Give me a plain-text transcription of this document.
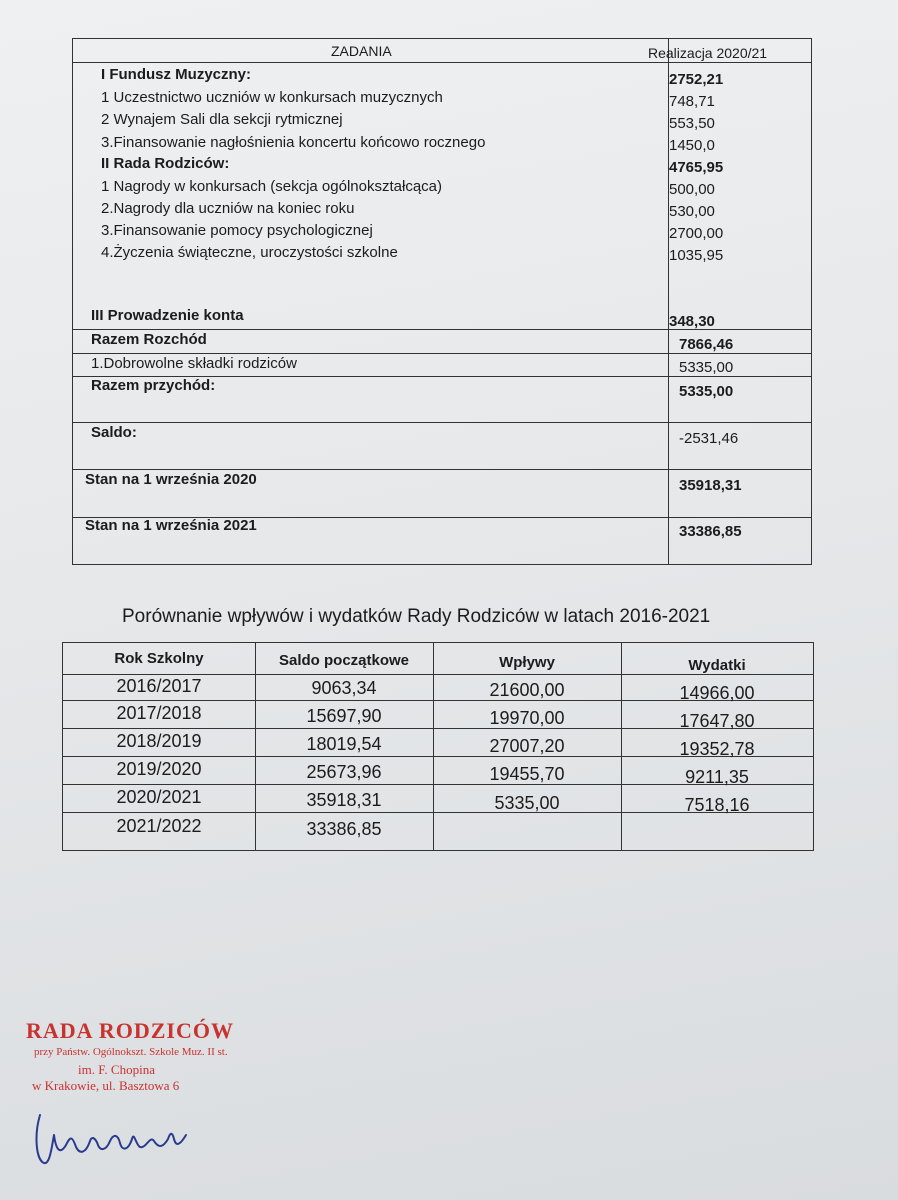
ZADANIA	Realizacja 2020/21
I Fundusz Muzyczny:	2752,21
1 Uczestnictwo uczniów w konkursach muzycznych	748,71
2 Wynajem Sali dla sekcji rytmicznej	553,50
3.Finansowanie nagłośnienia koncertu końcowo rocznego	1450,0
II Rada Rodziców:	4765,95
1 Nagrody w konkursach (sekcja ogólnokształcąca)	500,00
2.Nagrody dla uczniów na koniec roku	530,00
3.Finansowanie pomocy psychologicznej	2700,00
4.Życzenia świąteczne, uroczystości szkolne	1035,95
III Prowadzenie konta	348,30
Razem Rozchód	7866,46
1.Dobrowolne składki rodziców	5335,00
Razem przychód:	5335,00
Saldo:	-2531,46
Stan na 1 września 2020	35918,31
Stan na 1 września 2021	33386,85
Porównanie wpływów i wydatków Rady Rodziców w latach 2016-2021
Rok Szkolny	Saldo początkowe	Wpływy	Wydatki
2016/2017	9063,34	21600,00	14966,00
2017/2018	15697,90	19970,00	17647,80
2018/2019	18019,54	27007,20	19352,78
2019/2020	25673,96	19455,70	9211,35
2020/2021	35918,31	5335,00	7518,16
2021/2022	33386,85
RADA RODZICÓW
przy Państw. Ogólnokszt. Szkole Muz. II st.
im. F. Chopina
w Krakowie, ul. Basztowa 6
